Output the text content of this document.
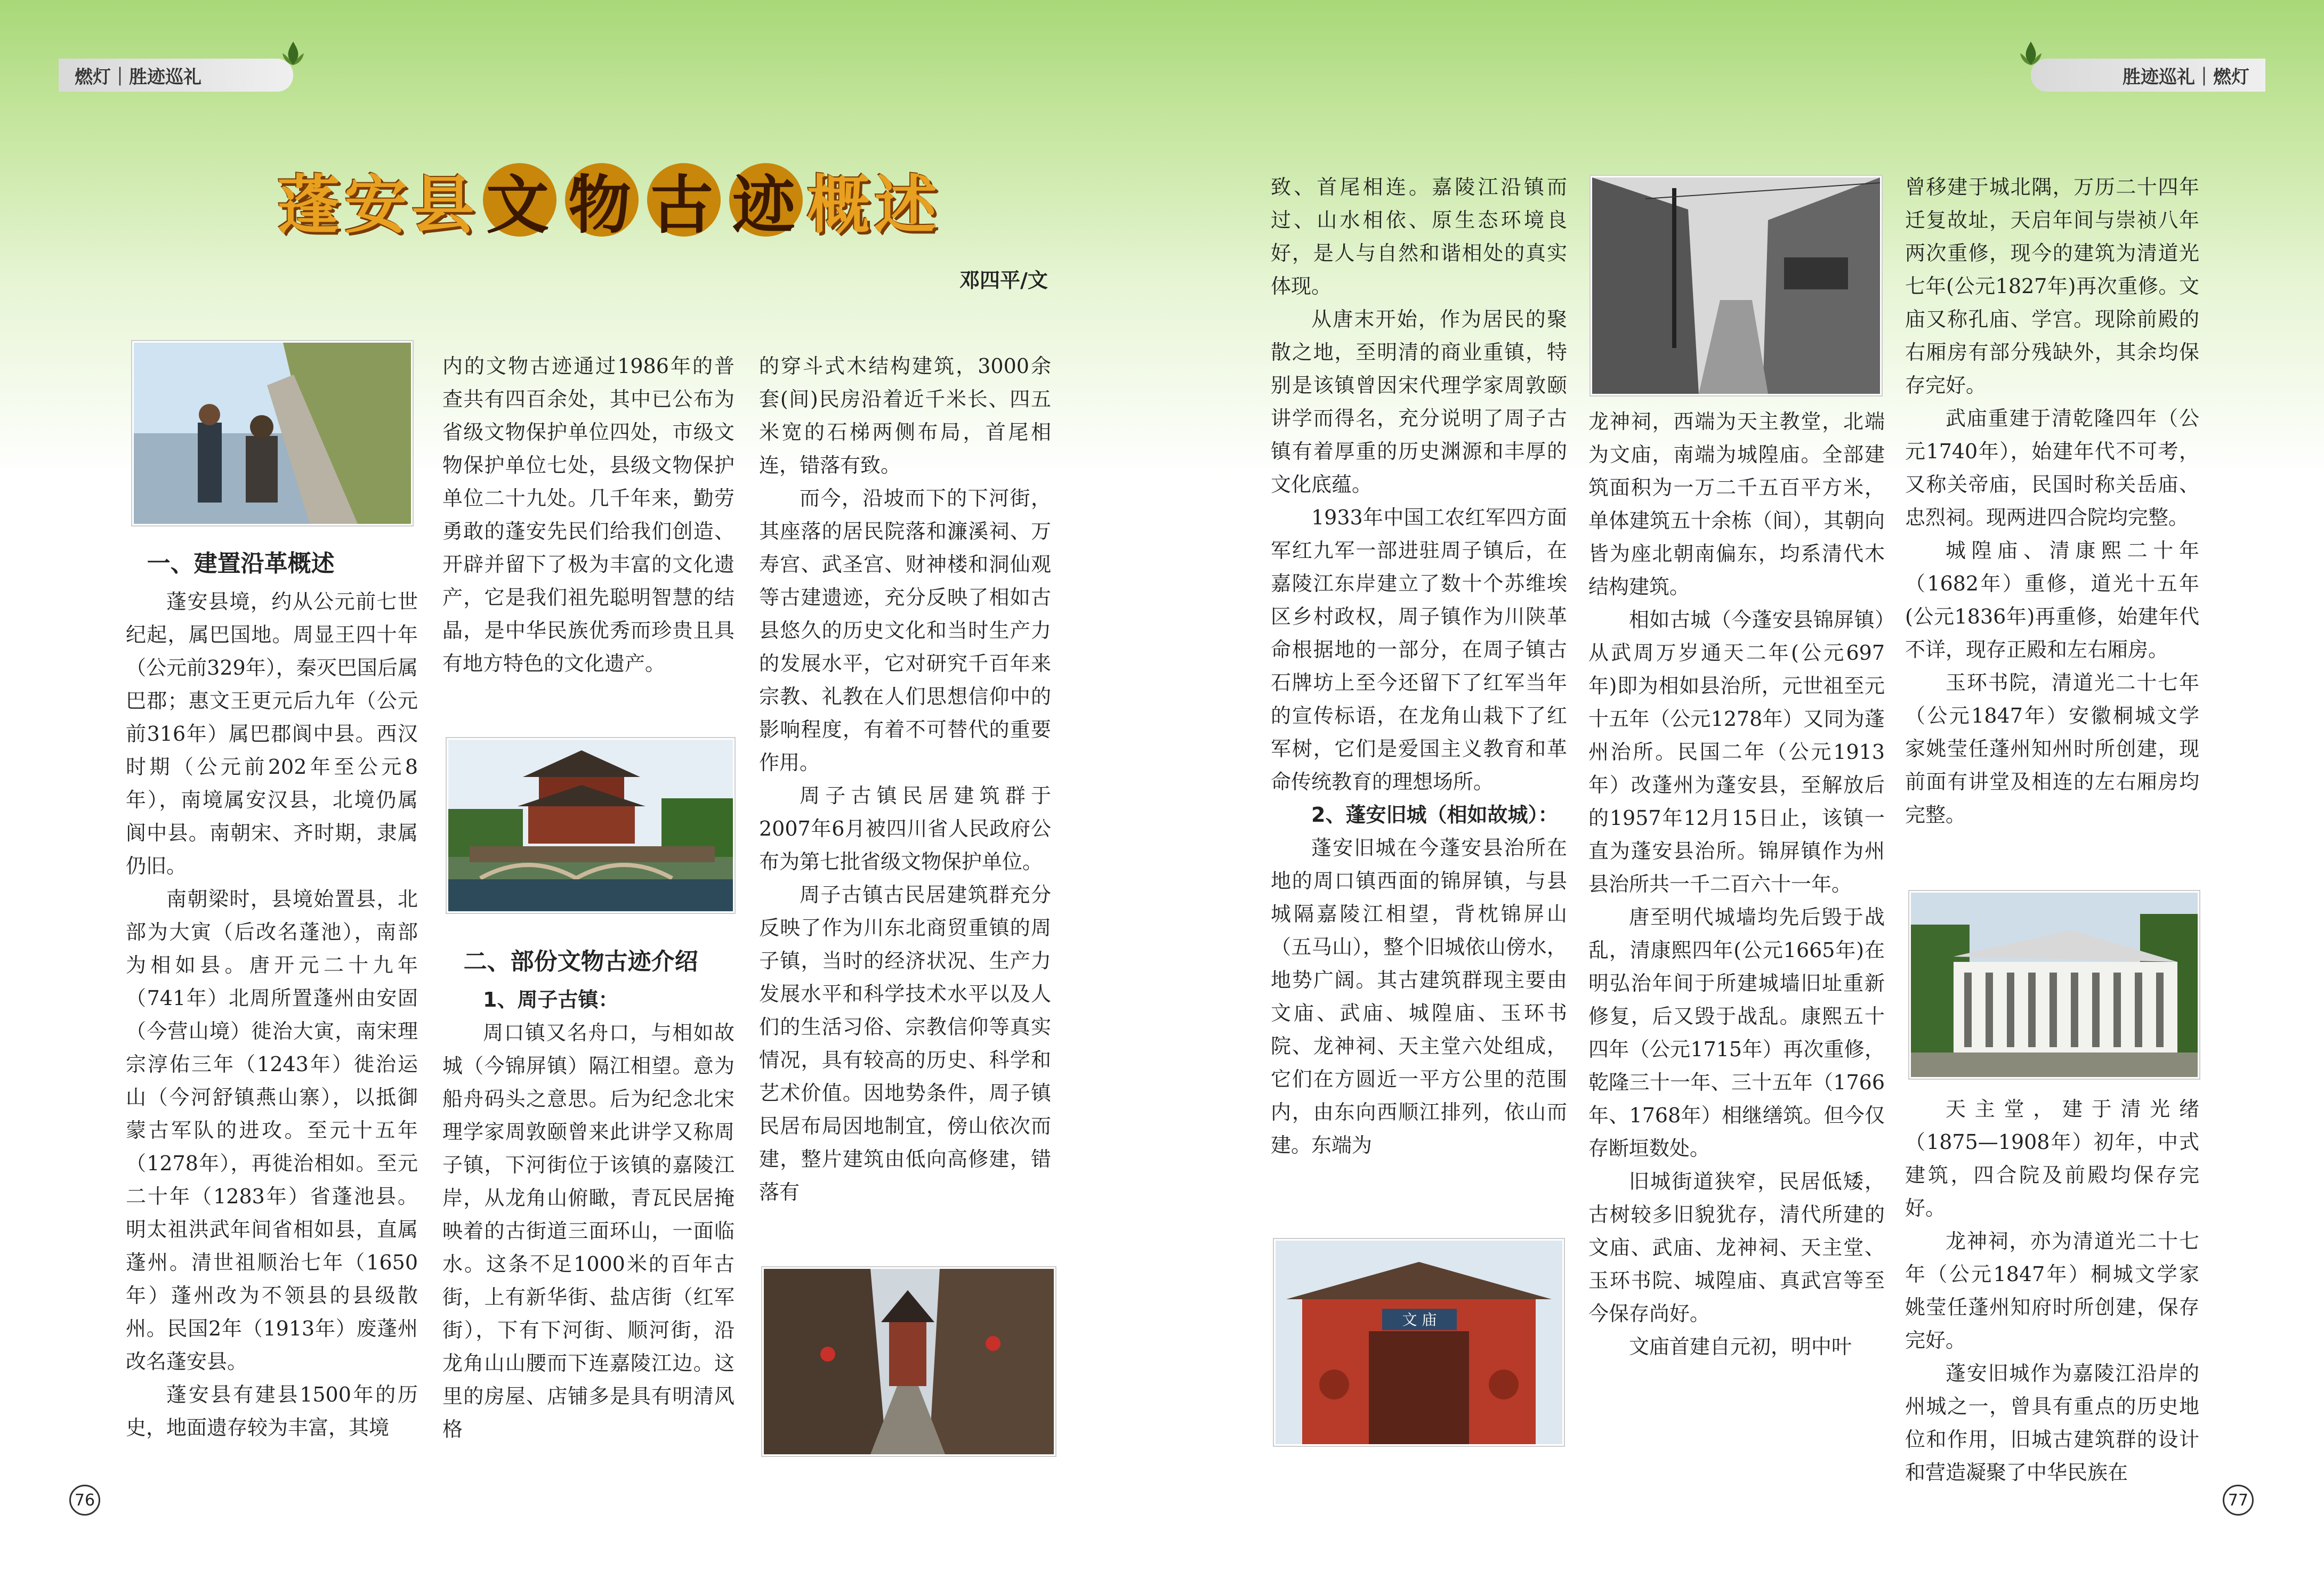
燃灯｜胜迹巡礼	胜迹巡礼｜燃灯
蓬安县 文 物 古 迹 概述
邓四平/文
文 庙
一、建置沿革概述

蓬安县境，约从公元前七世纪起，属巴国地。周显王四十年（公元前329年），秦灭巴国后属巴郡；惠文王更元后九年（公元前316年）属巴郡阆中县。西汉时期（公元前202年至公元8年），南境属安汉县，北境仍属阆中县。南朝宋、齐时期，隶属仍旧。

南朝梁时，县境始置县，北部为大寅（后改名蓬池），南部为相如县。唐开元二十九年（741年）北周所置蓬州由安固（今营山境）徙治大寅，南宋理宗淳佑三年（1243年）徙治运山（今河舒镇燕山寨），以抵御蒙古军队的进攻。至元十五年（1278年），再徙治相如。至元二十年（1283年）省蓬池县。明太祖洪武年间省相如县，直属蓬州。清世祖顺治七年（1650年）蓬州改为不领县的县级散州。民国2年（1913年）废蓬州改名蓬安县。

蓬安县有建县1500年的历史，地面遗存较为丰富，其境

内的文物古迹通过1986年的普查共有四百余处，其中已公布为省级文物保护单位四处，市级文物保护单位七处，县级文物保护单位二十九处。几千年来，勤劳勇敢的蓬安先民们给我们创造、开辟并留下了极为丰富的文化遗产，它是我们祖先聪明智慧的结晶，是中华民族优秀而珍贵且具有地方特色的文化遗产。

二、部份文物古迹介绍
1、周子古镇：

周口镇又名舟口，与相如故城（今锦屏镇）隔江相望。意为船舟码头之意思。后为纪念北宋理学家周敦颐曾来此讲学又称周子镇，下河街位于该镇的嘉陵江岸，从龙角山俯瞰，青瓦民居掩映着的古街道三面环山，一面临水。这条不足1000米的百年古街，上有新华街、盐店街（红军街），下有下河街、顺河街，沿龙角山山腰而下连嘉陵江边。这里的房屋、店铺多是具有明清风格

的穿斗式木结构建筑，3000余套(间)民房沿着近千米长、四五米宽的石梯两侧布局，首尾相连，错落有致。

而今，沿坡而下的下河街，其座落的居民院落和濂溪祠、万寿宫、武圣宫、财神楼和洞仙观等古建遗迹，充分反映了相如古县悠久的历史文化和当时生产力的发展水平，它对研究千百年来宗教、礼教在人们思想信仰中的影响程度，有着不可替代的重要作用。

周子古镇民居建筑群于2007年6月被四川省人民政府公布为第七批省级文物保护单位。

周子古镇古民居建筑群充分反映了作为川东北商贸重镇的周子镇，当时的经济状况、生产力发展水平和科学技术水平以及人们的生活习俗、宗教信仰等真实情况，具有较高的历史、科学和艺术价值。因地势条件，周子镇民居布局因地制宜，傍山依次而建，整片建筑由低向高修建，错落有

致、首尾相连。嘉陵江沿镇而过、山水相依、原生态环境良好，是人与自然和谐相处的真实体现。

从唐末开始，作为居民的聚散之地，至明清的商业重镇，特别是该镇曾因宋代理学家周敦颐讲学而得名，充分说明了周子古镇有着厚重的历史渊源和丰厚的文化底蕴。

1933年中国工农红军四方面军红九军一部进驻周子镇后，在嘉陵江东岸建立了数十个苏维埃区乡村政权，周子镇作为川陕革命根据地的一部分，在周子镇古石牌坊上至今还留下了红军当年的宣传标语，在龙角山栽下了红军树，它们是爱国主义教育和革命传统教育的理想场所。

2、蓬安旧城（相如故城）：

蓬安旧城在今蓬安县治所在地的周口镇西面的锦屏镇，与县城隔嘉陵江相望，背枕锦屏山（五马山），整个旧城依山傍水，地势广阔。其古建筑群现主要由文庙、武庙、城隍庙、玉环书院、龙神祠、天主堂六处组成，它们在方圆近一平方公里的范围内，由东向西顺江排列，依山而建。东端为

龙神祠，西端为天主教堂，北端为文庙，南端为城隍庙。全部建筑面积为一万二千五百平方米，单体建筑五十余栋（间），其朝向皆为座北朝南偏东，均系清代木结构建筑。

相如古城（今蓬安县锦屏镇）从武周万岁通天二年(公元697年)即为相如县治所，元世祖至元十五年（公元1278年）又同为蓬州治所。民国二年（公元1913年）改蓬州为蓬安县，至解放后的1957年12月15日止，该镇一直为蓬安县治所。锦屏镇作为州县治所共一千二百六十一年。

唐至明代城墙均先后毁于战乱，清康熙四年(公元1665年)在明弘治年间于所建城墙旧址重新修复，后又毁于战乱。康熙五十四年（公元1715年）再次重修，乾隆三十一年、三十五年（1766年、1768年）相继缮筑。但今仅存断垣数处。

旧城街道狭窄，民居低矮，古树较多旧貌犹存，清代所建的文庙、武庙、龙神祠、天主堂、玉环书院、城隍庙、真武宫等至今保存尚好。

文庙首建自元初，明中叶

曾移建于城北隅，万历二十四年迁复故址，天启年间与崇祯八年两次重修，现今的建筑为清道光七年(公元1827年)再次重修。文庙又称孔庙、学宫。现除前殿的右厢房有部分残缺外，其余均保存完好。

武庙重建于清乾隆四年（公元1740年），始建年代不可考，又称关帝庙，民国时称关岳庙、忠烈祠。现两进四合院均完整。

城隍庙、清康熙二十年（1682年）重修，道光十五年(公元1836年)再重修，始建年代不详，现存正殿和左右厢房。

玉环书院，清道光二十七年（公元1847年）安徽桐城文学家姚莹任蓬州知州时所创建，现前面有讲堂及相连的左右厢房均完整。

天主堂，建于清光绪（1875—1908年）初年，中式建筑，四合院及前殿均保存完好。

龙神祠，亦为清道光二十七年（公元1847年）桐城文学家姚莹任蓬州知府时所创建，保存完好。

蓬安旧城作为嘉陵江沿岸的州城之一，曾具有重点的历史地位和作用，旧城古建筑群的设计和营造凝聚了中华民族在

76	77
